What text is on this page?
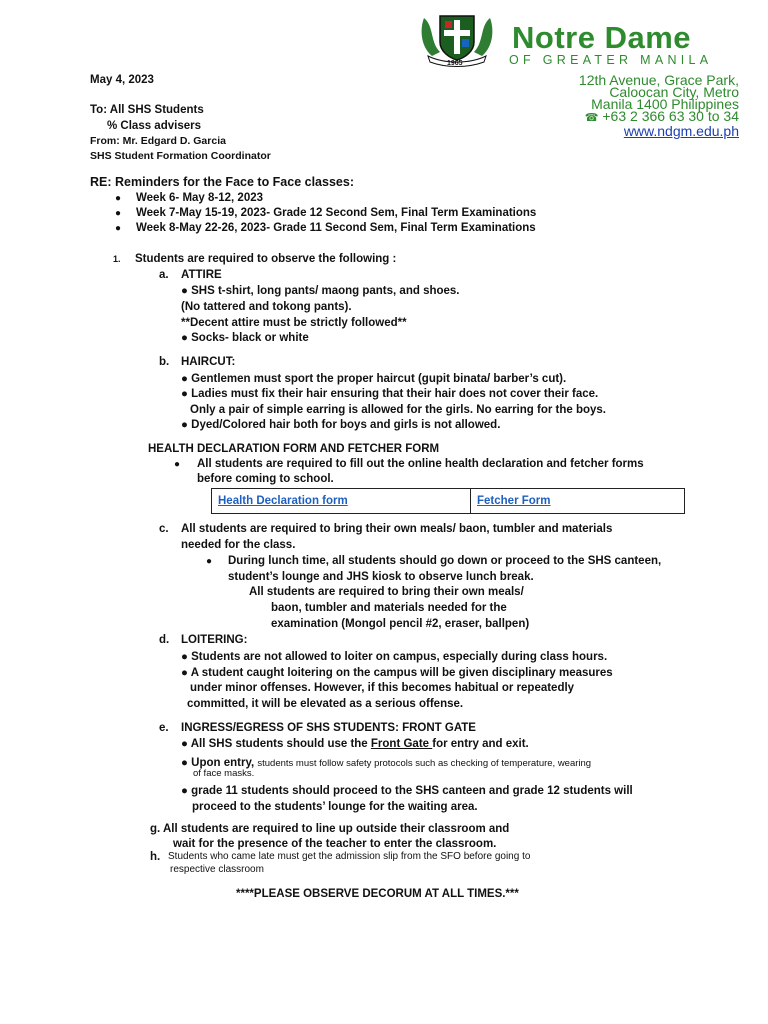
1965
Notre Dame
OF GREATER MANILA
12th Avenue, Grace Park,
Caloocan City, Metro
Manila 1400 Philippines
☎ +63 2 366 63 30 to 34
www.ndgm.edu.ph
May 4, 2023
To: All SHS Students
% Class advisers
From: Mr. Edgard D. Garcia
SHS Student Formation Coordinator
RE: Reminders for the Face to Face classes:
● Week 6- May 8-12, 2023
● Week 7-May 15-19, 2023- Grade 12 Second Sem, Final Term Examinations
● Week 8-May 22-26, 2023- Grade 11 Second Sem, Final Term Examinations
1. Students are required to observe the following :
a. ATTIRE
● SHS t-shirt, long pants/ maong pants, and shoes.
(No tattered and tokong pants).
**Decent attire must be strictly followed**
● Socks- black or white
b. HAIRCUT:
● Gentlemen must sport the proper haircut (gupit binata/ barber’s cut).
● Ladies must fix their hair ensuring that their hair does not cover their face.
Only a pair of simple earring is allowed for the girls. No earring for the boys.
● Dyed/Colored hair both for boys and girls is not allowed.
HEALTH DECLARATION FORM AND FETCHER FORM
● All students are required to fill out the online health declaration and fetcher forms
before coming to school.
Health Declaration form	Fetcher Form
c. All students are required to bring their own meals/ baon, tumbler and materials
needed for the class.
● During lunch time, all students should go down or proceed to the SHS canteen,
student’s lounge and JHS kiosk to observe lunch break.
All students are required to bring their own meals/
baon, tumbler and materials needed for the
examination (Mongol pencil #2, eraser, ballpen)
d. LOITERING:
● Students are not allowed to loiter on campus, especially during class hours.
● A student caught loitering on the campus will be given disciplinary measures
under minor offenses. However, if this becomes habitual or repeatedly
committed, it will be elevated as a serious offense.
e. INGRESS/EGRESS OF SHS STUDENTS: FRONT GATE
● All SHS students should use the Front Gate for entry and exit.
● Upon entry, students must follow safety protocols such as checking of temperature, wearing
of face masks.
● grade 11 students should proceed to the SHS canteen and grade 12 students will
proceed to the students’ lounge for the waiting area.
g. All students are required to line up outside their classroom and
wait for the presence of the teacher to enter the classroom.
h. Students who came late must get the admission slip from the SFO before going to
respective classroom
****PLEASE OBSERVE DECORUM AT ALL TIMES.***
